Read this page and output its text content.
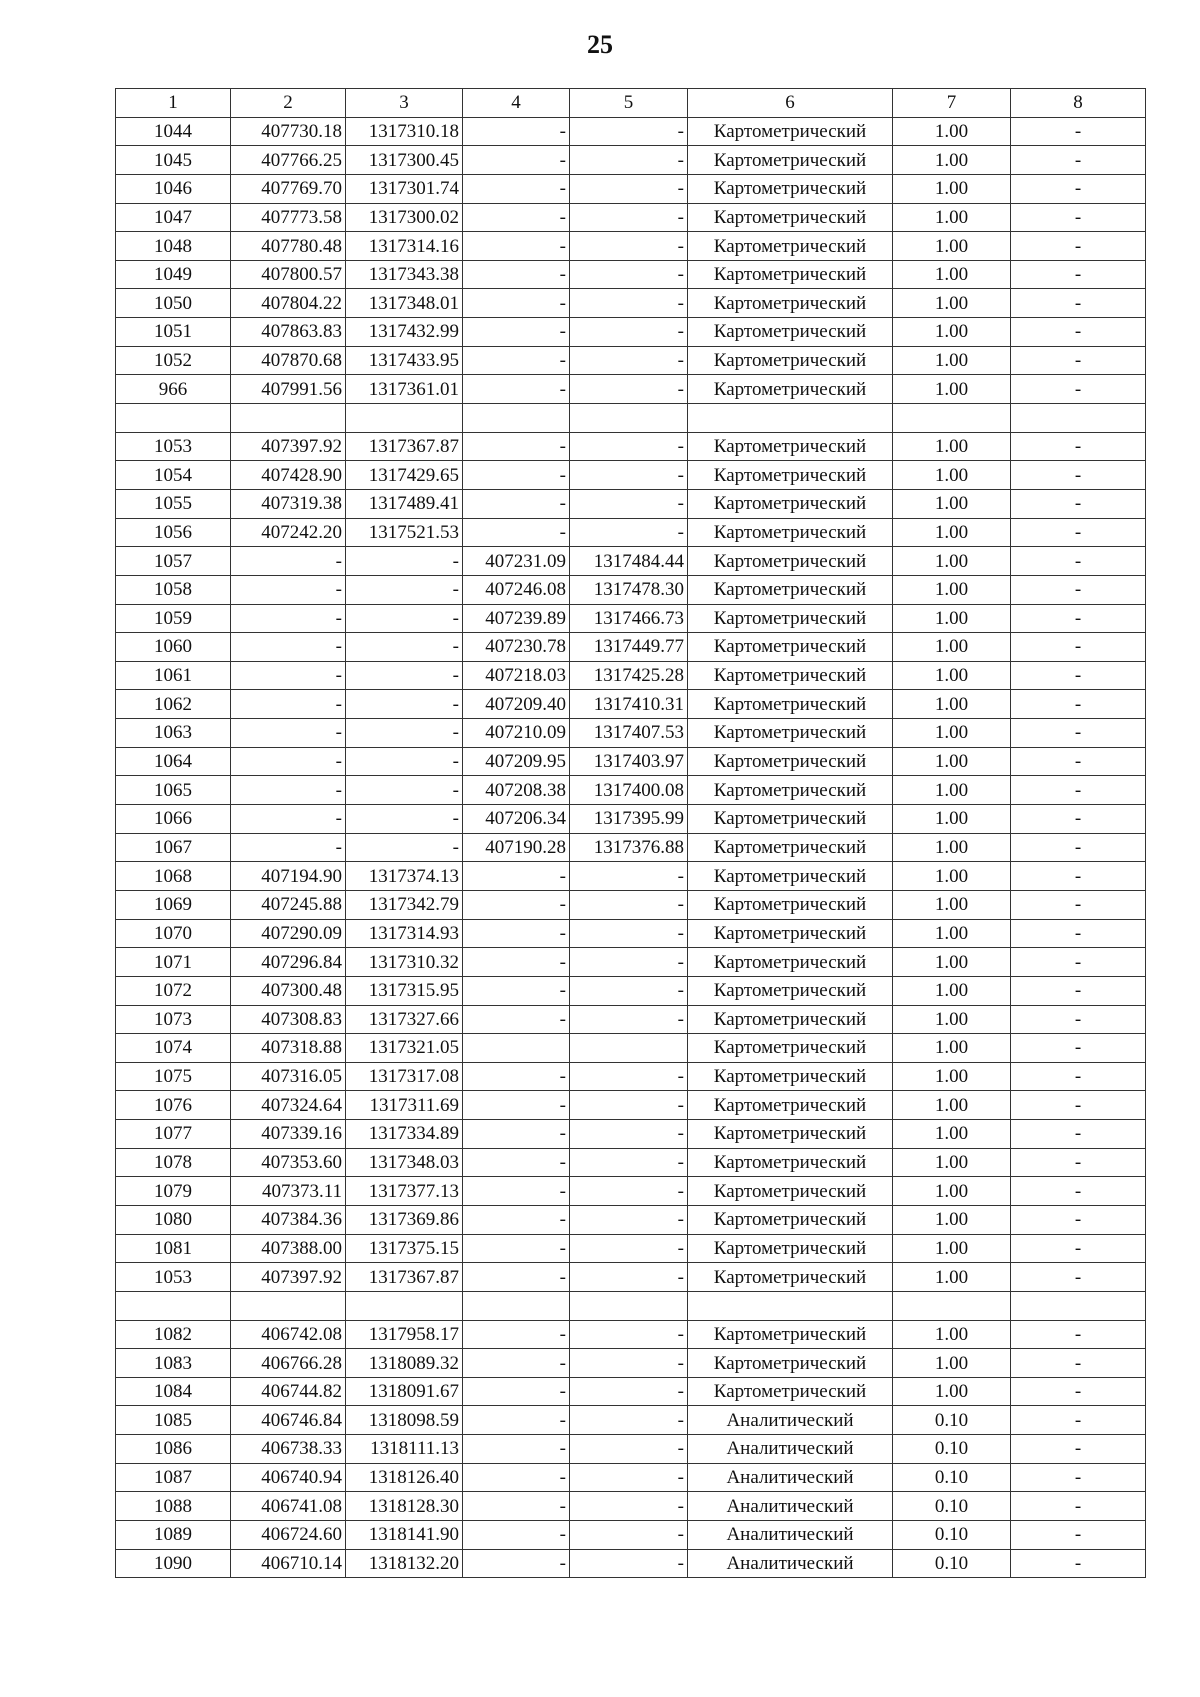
25
1	2	3	4	5	6	7	8
1044	407730.18	1317310.18	-	-	Картометрический	1.00	-
1045	407766.25	1317300.45	-	-	Картометрический	1.00	-
1046	407769.70	1317301.74	-	-	Картометрический	1.00	-
1047	407773.58	1317300.02	-	-	Картометрический	1.00	-
1048	407780.48	1317314.16	-	-	Картометрический	1.00	-
1049	407800.57	1317343.38	-	-	Картометрический	1.00	-
1050	407804.22	1317348.01	-	-	Картометрический	1.00	-
1051	407863.83	1317432.99	-	-	Картометрический	1.00	-
1052	407870.68	1317433.95	-	-	Картометрический	1.00	-
966	407991.56	1317361.01	-	-	Картометрический	1.00	-

1053	407397.92	1317367.87	-	-	Картометрический	1.00	-
1054	407428.90	1317429.65	-	-	Картометрический	1.00	-
1055	407319.38	1317489.41	-	-	Картометрический	1.00	-
1056	407242.20	1317521.53	-	-	Картометрический	1.00	-
1057	-	-	407231.09	1317484.44	Картометрический	1.00	-
1058	-	-	407246.08	1317478.30	Картометрический	1.00	-
1059	-	-	407239.89	1317466.73	Картометрический	1.00	-
1060	-	-	407230.78	1317449.77	Картометрический	1.00	-
1061	-	-	407218.03	1317425.28	Картометрический	1.00	-
1062	-	-	407209.40	1317410.31	Картометрический	1.00	-
1063	-	-	407210.09	1317407.53	Картометрический	1.00	-
1064	-	-	407209.95	1317403.97	Картометрический	1.00	-
1065	-	-	407208.38	1317400.08	Картометрический	1.00	-
1066	-	-	407206.34	1317395.99	Картометрический	1.00	-
1067	-	-	407190.28	1317376.88	Картометрический	1.00	-
1068	407194.90	1317374.13	-	-	Картометрический	1.00	-
1069	407245.88	1317342.79	-	-	Картометрический	1.00	-
1070	407290.09	1317314.93	-	-	Картометрический	1.00	-
1071	407296.84	1317310.32	-	-	Картометрический	1.00	-
1072	407300.48	1317315.95	-	-	Картометрический	1.00	-
1073	407308.83	1317327.66	-	-	Картометрический	1.00	-
1074	407318.88	1317321.05			Картометрический	1.00	-
1075	407316.05	1317317.08	-	-	Картометрический	1.00	-
1076	407324.64	1317311.69	-	-	Картометрический	1.00	-
1077	407339.16	1317334.89	-	-	Картометрический	1.00	-
1078	407353.60	1317348.03	-	-	Картометрический	1.00	-
1079	407373.11	1317377.13	-	-	Картометрический	1.00	-
1080	407384.36	1317369.86	-	-	Картометрический	1.00	-
1081	407388.00	1317375.15	-	-	Картометрический	1.00	-
1053	407397.92	1317367.87	-	-	Картометрический	1.00	-

1082	406742.08	1317958.17	-	-	Картометрический	1.00	-
1083	406766.28	1318089.32	-	-	Картометрический	1.00	-
1084	406744.82	1318091.67	-	-	Картометрический	1.00	-
1085	406746.84	1318098.59	-	-	Аналитический	0.10	-
1086	406738.33	1318111.13	-	-	Аналитический	0.10	-
1087	406740.94	1318126.40	-	-	Аналитический	0.10	-
1088	406741.08	1318128.30	-	-	Аналитический	0.10	-
1089	406724.60	1318141.90	-	-	Аналитический	0.10	-
1090	406710.14	1318132.20	-	-	Аналитический	0.10	-
